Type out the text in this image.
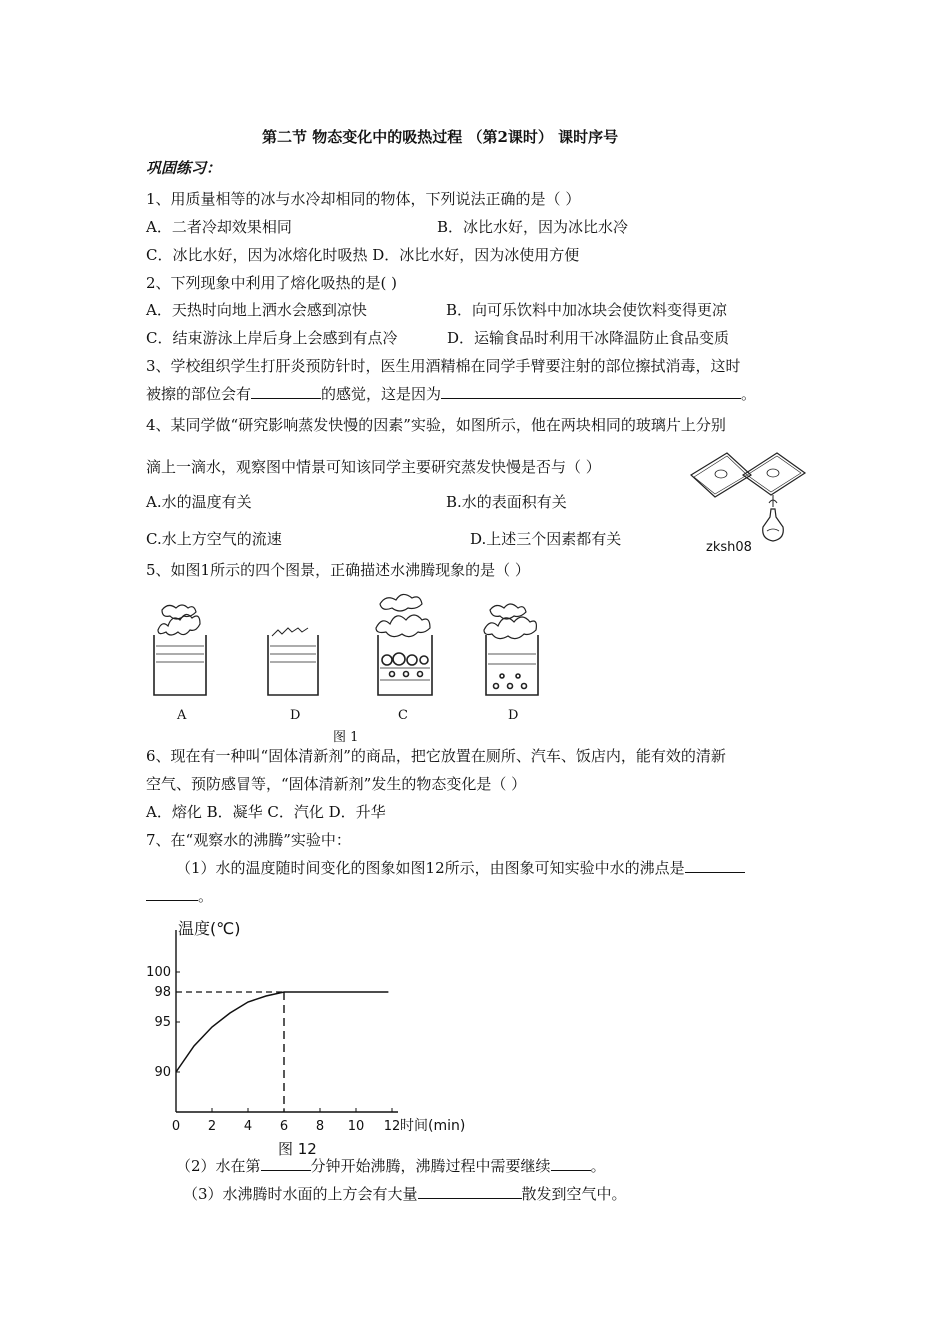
第二节 物态变化中的吸热过程 （第2课时） 课时序号
巩固练习：
1、用质量相等的冰与水冷却相同的物体，下列说法正确的是（ ）
A．二者冷却效果相同	B．冰比水好，因为冰比水冷
C．冰比水好，因为冰熔化时吸热 D．冰比水好，因为冰使用方便
2、下列现象中利用了熔化吸热的是( )
A．天热时向地上洒水会感到凉快	B．向可乐饮料中加冰块会使饮料变得更凉
C．结束游泳上岸后身上会感到有点冷	D．运输食品时利用干冰降温防止食品变质
3、学校组织学生打肝炎预防针时，医生用酒精棉在同学手臂要注射的部位擦拭消毒，这时
被擦的部位会有	的感觉，这是因为	。
4、某同学做“研究影响蒸发快慢的因素”实验，如图所示，他在两块相同的玻璃片上分别
滴上一滴水，观察图中情景可知该同学主要研究蒸发快慢是否与（ ）
A.水的温度有关	B.水的表面积有关
C.水上方空气的流速	D.上述三个因素都有关	zksh08
5、如图1所示的四个图景，正确描述水沸腾现象的是（ ）
A	D	C	D
图 1
6、现在有一种叫“固体清新剂”的商品，把它放置在厕所、汽车、饭店内，能有效的清新
空气、预防感冒等，“固体清新剂”发生的物态变化是（ ）
A．熔化 B．凝华 C．汽化 D．升华
7、在“观察水的沸腾”实验中：
（1）水的温度随时间变化的图象如图12所示，由图象可知实验中水的沸点是
。
0 2 4 6 8 10 12
90
95
98
100
温度(℃)
时间(min)
图 12
（2）水在第	分钟开始沸腾，沸腾过程中需要继续	。
（3）水沸腾时水面的上方会有大量	散发到空气中。
